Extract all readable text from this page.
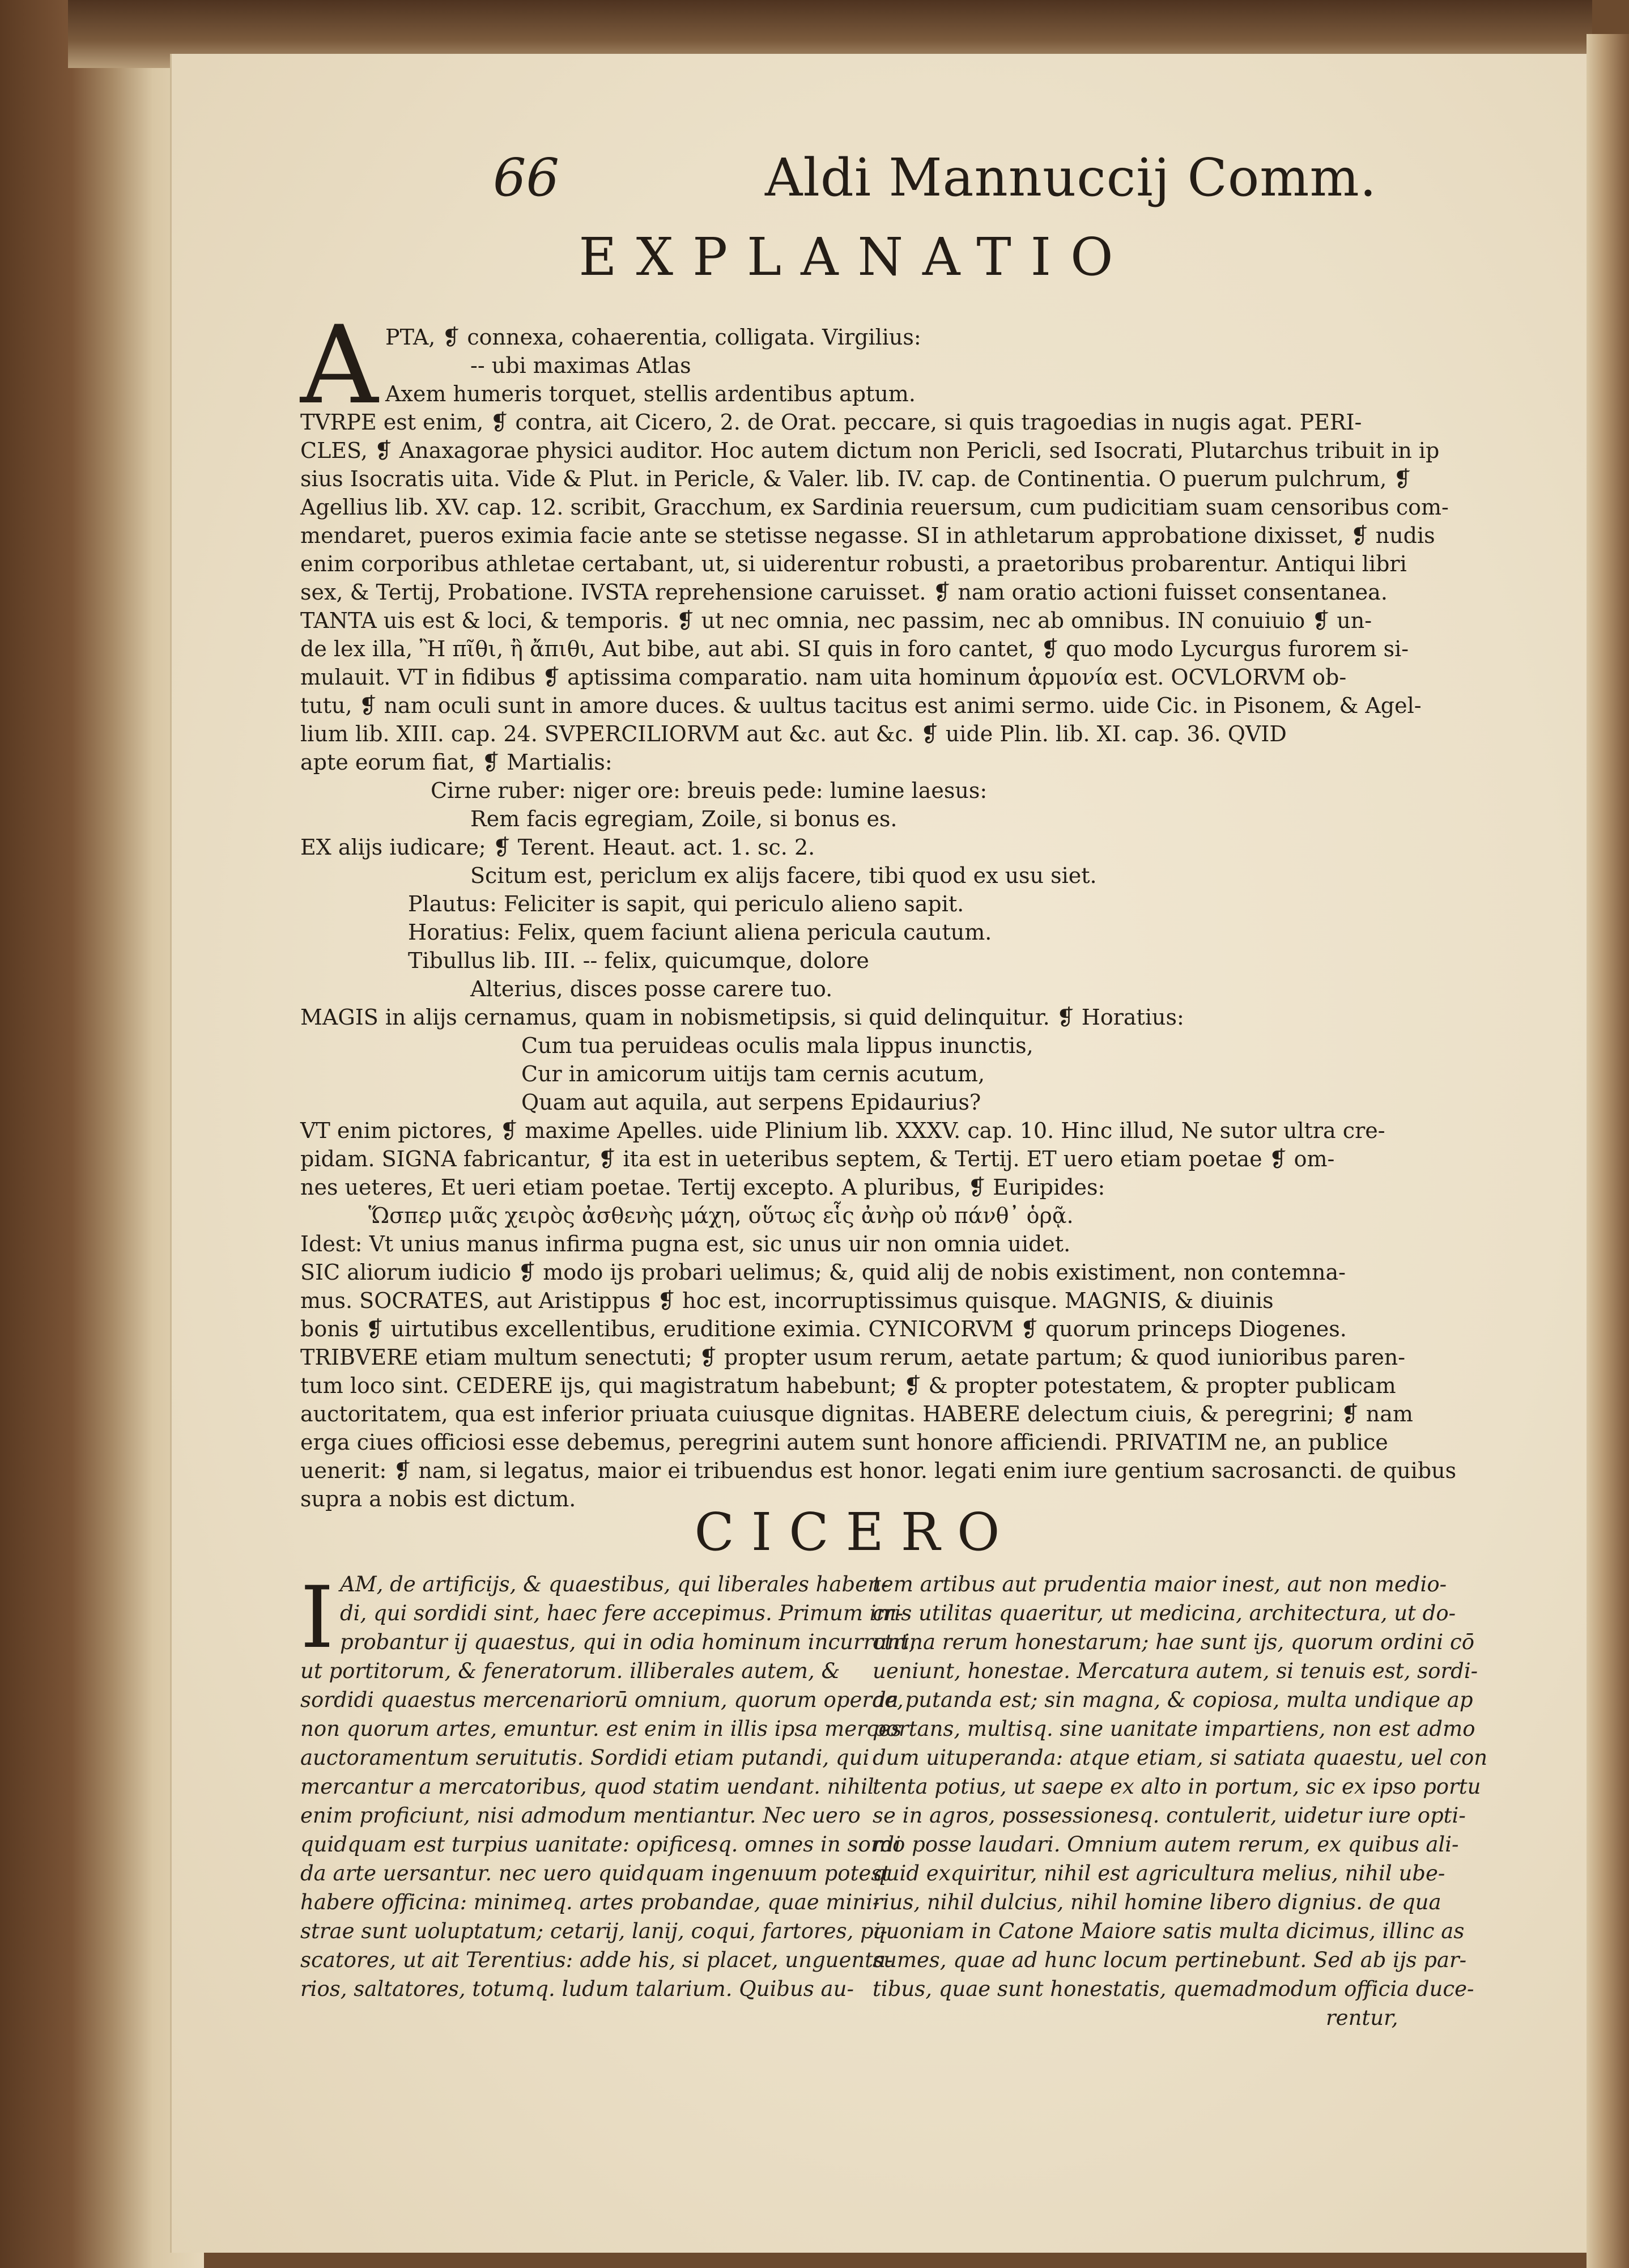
66	Aldi Mannuccij Comm.
EXPLANATIO
A PTA, ❡ connexa, cohaerentia, colligata. Virgilius:
-- ubi maximas Atlas
Axem humeris torquet, stellis ardentibus aptum.
TVRPE est enim, ❡ contra, ait Cicero, 2. de Orat. peccare, si quis tragoedias in nugis agat. PERI-
CLES, ❡ Anaxagorae physici auditor. Hoc autem dictum non Pericli, sed Isocrati, Plutarchus tribuit in ip
sius Isocratis uita. Vide & Plut. in Pericle, & Valer. lib. IV. cap. de Continentia. O puerum pulchrum, ❡
Agellius lib. XV. cap. 12. scribit, Gracchum, ex Sardinia reuersum, cum pudicitiam suam censoribus com-
mendaret, pueros eximia facie ante se stetisse negasse. SI in athletarum approbatione dixisset, ❡ nudis
enim corporibus athletae certabant, ut, si uiderentur robusti, a praetoribus probarentur. Antiqui libri
sex, & Tertij, Probatione. IVSTA reprehensione caruisset. ❡ nam oratio actioni fuisset consentanea.
TANTA uis est & loci, & temporis. ❡ ut nec omnia, nec passim, nec ab omnibus. IN conuiuio ❡ un-
de lex illa, Ἢ πῖθι, ἢ ἄπιθι, Aut bibe, aut abi. SI quis in foro cantet, ❡ quo modo Lycurgus furorem si-
mulauit. VT in fidibus ❡ aptissima comparatio. nam uita hominum ἁρμονία est. OCVLORVM ob-
tutu, ❡ nam oculi sunt in amore duces. & uultus tacitus est animi sermo. uide Cic. in Pisonem, & Agel-
lium lib. XIII. cap. 24. SVPERCILIORVM aut &c. aut &c. ❡ uide Plin. lib. XI. cap. 36. QVID
apte eorum fiat, ❡ Martialis:
Cirne ruber: niger ore: breuis pede: lumine laesus:
Rem facis egregiam, Zoile, si bonus es.
EX alijs iudicare; ❡ Terent. Heaut. act. 1. sc. 2.
Scitum est, periclum ex alijs facere, tibi quod ex usu siet.
Plautus: Feliciter is sapit, qui periculo alieno sapit.
Horatius: Felix, quem faciunt aliena pericula cautum.
Tibullus lib. III. -- felix, quicumque, dolore
Alterius, disces posse carere tuo.
MAGIS in alijs cernamus, quam in nobismetipsis, si quid delinquitur. ❡ Horatius:
Cum tua peruideas oculis mala lippus inunctis,
Cur in amicorum uitijs tam cernis acutum,
Quam aut aquila, aut serpens Epidaurius?
VT enim pictores, ❡ maxime Apelles. uide Plinium lib. XXXV. cap. 10. Hinc illud, Ne sutor ultra cre-
pidam. SIGNA fabricantur, ❡ ita est in ueteribus septem, & Tertij. ET uero etiam poetae ❡ om-
nes ueteres, Et ueri etiam poetae. Tertij excepto. A pluribus, ❡ Euripides:
Ὥσπερ μιᾶς χειρὸς ἀσθενὴς μάχη, οὕτως εἷς ἀνὴρ οὐ πάνθ᾽ ὁρᾷ.
Idest: Vt unius manus infirma pugna est, sic unus uir non omnia uidet.
SIC aliorum iudicio ❡ modo ijs probari uelimus; &, quid alij de nobis existiment, non contemna-
mus. SOCRATES, aut Aristippus ❡ hoc est, incorruptissimus quisque. MAGNIS, & diuinis
bonis ❡ uirtutibus excellentibus, eruditione eximia. CYNICORVM ❡ quorum princeps Diogenes.
TRIBVERE etiam multum senectuti; ❡ propter usum rerum, aetate partum; & quod iunioribus paren-
tum loco sint. CEDERE ijs, qui magistratum habebunt; ❡ & propter potestatem, & propter publicam
auctoritatem, qua est inferior priuata cuiusque dignitas. HABERE delectum ciuis, & peregrini; ❡ nam
erga ciues officiosi esse debemus, peregrini autem sunt honore afficiendi. PRIVATIM ne, an publice
uenerit: ❡ nam, si legatus, maior ei tribuendus est honor. legati enim iure gentium sacrosancti. de quibus
supra a nobis est dictum.
CICERO
I AM, de artificijs, & quaestibus, qui liberales haben-
di, qui sordidi sint, haec fere accepimus. Primum im-
probantur ij quaestus, qui in odia hominum incurrunt,
ut portitorum, & feneratorum. illiberales autem, &
sordidi quaestus mercenariorū omnium, quorum operae,
non quorum artes, emuntur. est enim in illis ipsa merces
auctoramentum seruitutis. Sordidi etiam putandi, qui
mercantur a mercatoribus, quod statim uendant. nihil
enim proficiunt, nisi admodum mentiantur. Nec uero
quidquam est turpius uanitate: opificesq. omnes in sordi
da arte uersantur. nec uero quidquam ingenuum potest
habere officina: minimeq. artes probandae, quae mini-
strae sunt uoluptatum; cetarij, lanij, coqui, fartores, pi-
scatores, ut ait Terentius: adde his, si placet, unguenta-
rios, saltatores, totumq. ludum talarium. Quibus au-
tem artibus aut prudentia maior inest, aut non medio-
cris utilitas quaeritur, ut medicina, architectura, ut do-
ctrina rerum honestarum; hae sunt ijs, quorum ordini cō
ueniunt, honestae. Mercatura autem, si tenuis est, sordi-
da putanda est; sin magna, & copiosa, multa undique ap
portans, multisq. sine uanitate impartiens, non est admo
dum uituperanda: atque etiam, si satiata quaestu, uel con
tenta potius, ut saepe ex alto in portum, sic ex ipso portu
se in agros, possessionesq. contulerit, uidetur iure opti-
mo posse laudari. Omnium autem rerum, ex quibus ali-
quid exquiritur, nihil est agricultura melius, nihil ube-
rius, nihil dulcius, nihil homine libero dignius. de qua
quoniam in Catone Maiore satis multa dicimus, illinc as
sumes, quae ad hunc locum pertinebunt. Sed ab ijs par-
tibus, quae sunt honestatis, quemadmodum officia duce-
rentur,
